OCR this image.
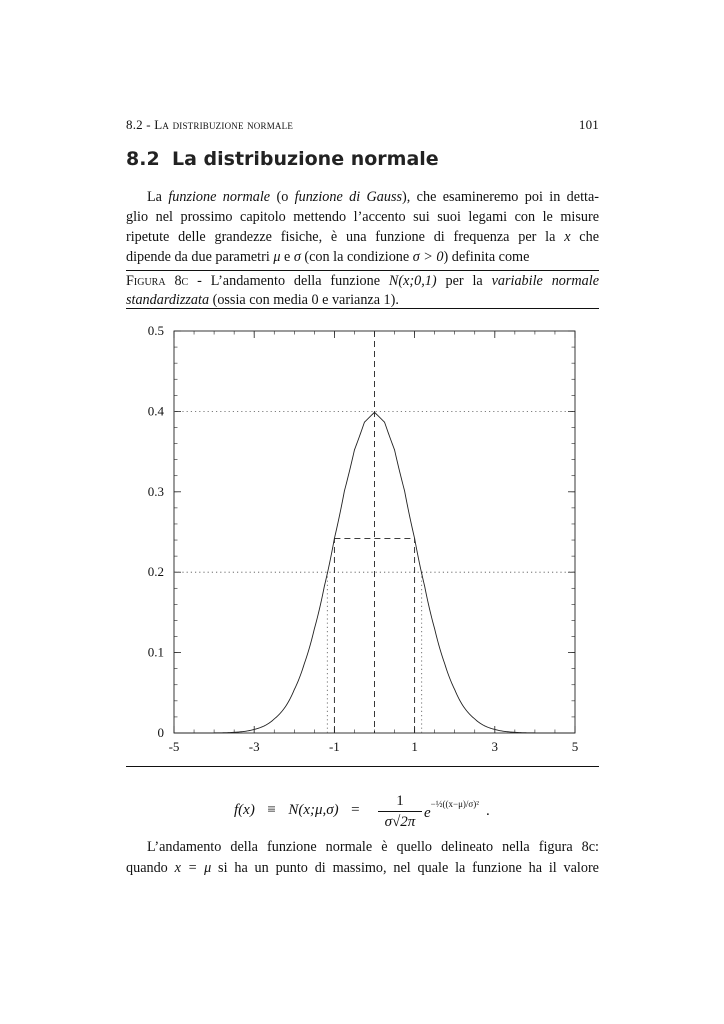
8.2 - La distribuzione normale	101
8.2 La distribuzione normale
La funzione normale (o funzione di Gauss), che esamineremo poi in detta-
glio nel prossimo capitolo mettendo l’accento sui suoi legami con le misure
ripetute delle grandezze fisiche, è una funzione di frequenza per la x che
dipende da due parametri μ e σ (con la condizione σ > 0) definita come
Figura 8c - L’andamento della funzione N(x;0,1) per la variabile normale
standardizzata (ossia con media 0 e varianza 1).
0
0.1
0.2
0.3
0.4
0.5
-5	-3	-1	1	3	5
f(x) ≡ N(x;μ,σ) =
1
σ√2π
$e^{-\frac{1}{2}((x-\mu)/\sigma)^2}$ .
L’andamento della funzione normale è quello delineato nella figura 8c:
quando x = μ si ha un punto di massimo, nel quale la funzione ha il valore
